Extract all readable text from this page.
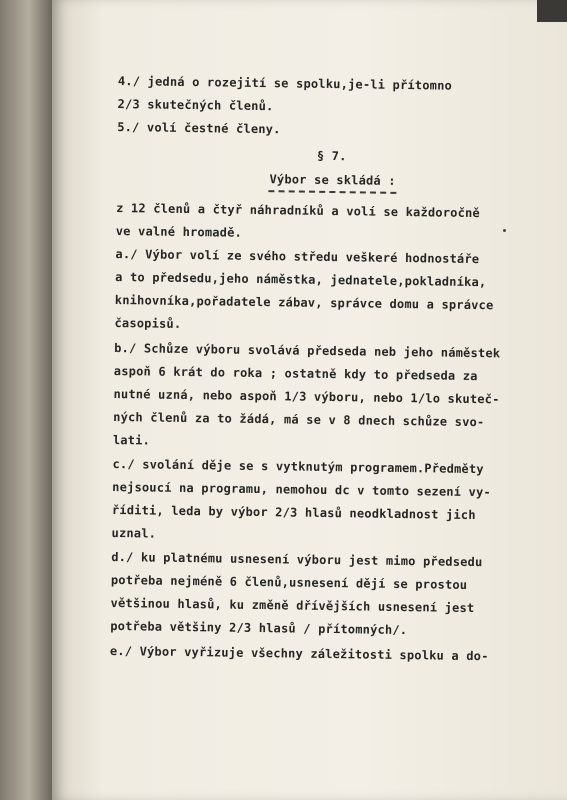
4./ jedná o rozejití se spolku,je-li přítomno
2/3 skutečných členů.
5./ volí čestné členy.
§ 7.
Výbor se skládá :
z 12 členů a čtyř náhradníků a volí se každoročně
ve valné hromadě.
a./ Výbor volí ze svého středu veškeré hodnostáře
a to předsedu,jeho náměstka, jednatele,pokladníka,
knihovníka,pořadatele zábav, správce domu a správce
časopisů.
b./ Schůze výboru svolává předseda neb jeho náměstek
aspoň 6 krát do roka ; ostatně kdy to předseda za
nutné uzná, nebo aspoň 1/3 výboru, nebo 1/lo skuteč-
ných členů za to žádá, má se v 8 dnech schůze svo-
lati.
c./ svolání děje se s vytknutým programem.Předměty
nejsoucí na programu, nemohou dc v tomto sezení vy-
říditi, leda by výbor 2/3 hlasů neodkladnost jich
uznal.
d./ ku platnému usnesení výboru jest mimo předsedu
potřeba nejméně 6 členů,usnesení dějí se prostou
většinou hlasů, ku změně dřívějších usnesení jest
potřeba většiny 2/3 hlasů / přítomných/.
e./ Výbor vyřizuje všechny záležitosti spolku a do-
